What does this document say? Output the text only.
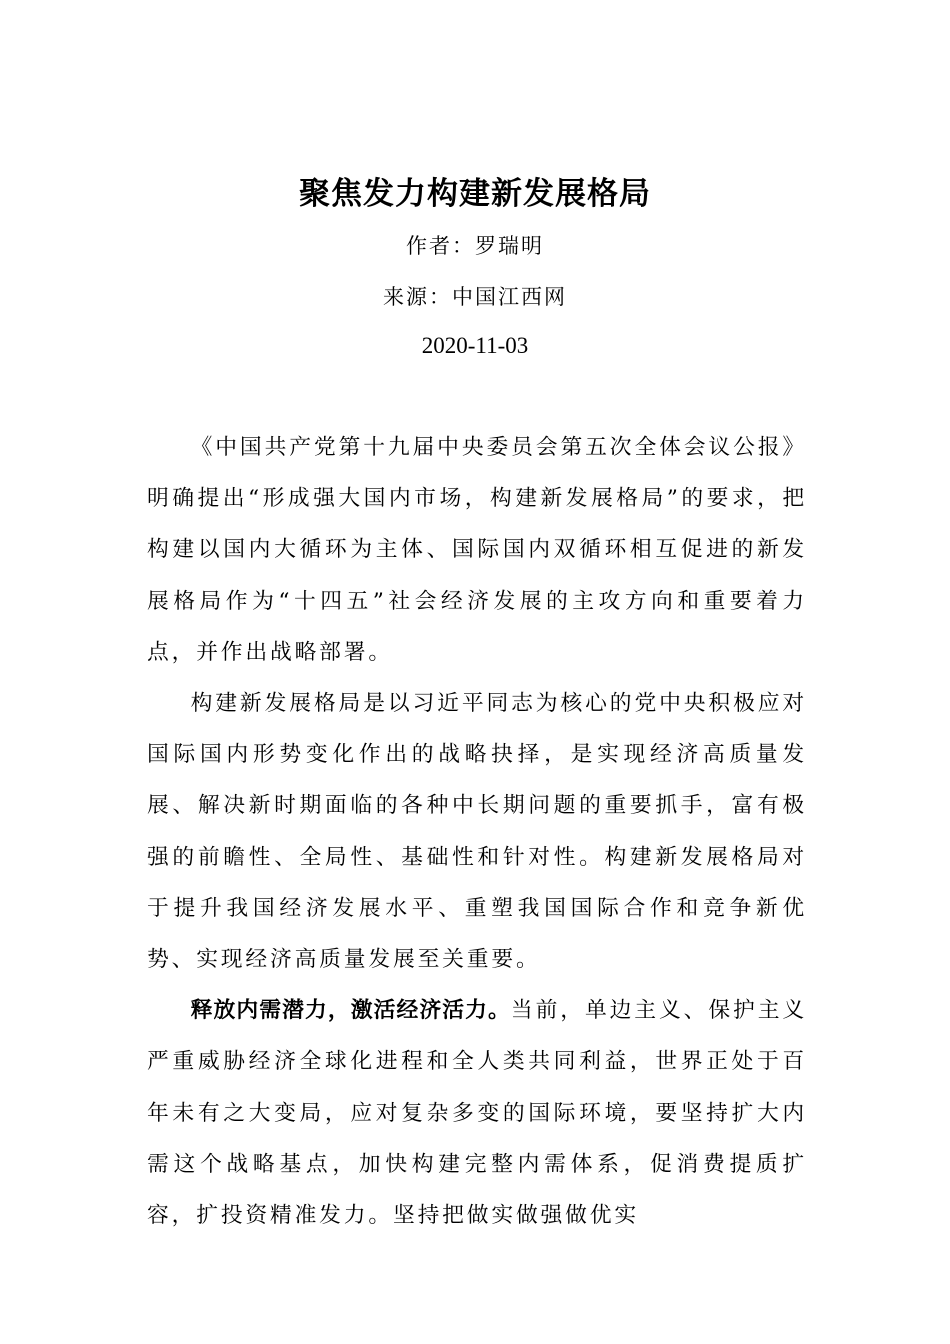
聚焦发力构建新发展格局

作者：罗瑞明

来源：中国江西网

2020-11-03

《中国共产党第十九届中央委员会第五次全体会议公报》明确提出“形成强大国内市场，构建新发展格局”的要求，把构建以国内大循环为主体、国际国内双循环相互促进的新发展格局作为“十四五”社会经济发展的主攻方向和重要着力点，并作出战略部署。

构建新发展格局是以习近平同志为核心的党中央积极应对国际国内形势变化作出的战略抉择，是实现经济高质量发展、解决新时期面临的各种中长期问题的重要抓手，富有极强的前瞻性、全局性、基础性和针对性。构建新发展格局对于提升我国经济发展水平、重塑我国国际合作和竞争新优势、实现经济高质量发展至关重要。

释放内需潜力，激活经济活力。当前，单边主义、保护主义严重威胁经济全球化进程和全人类共同利益，世界正处于百年未有之大变局，应对复杂多变的国际环境，要坚持扩大内需这个战略基点，加快构建完整内需体系，促消费提质扩容，扩投资精准发力。坚持把做实做强做优实
